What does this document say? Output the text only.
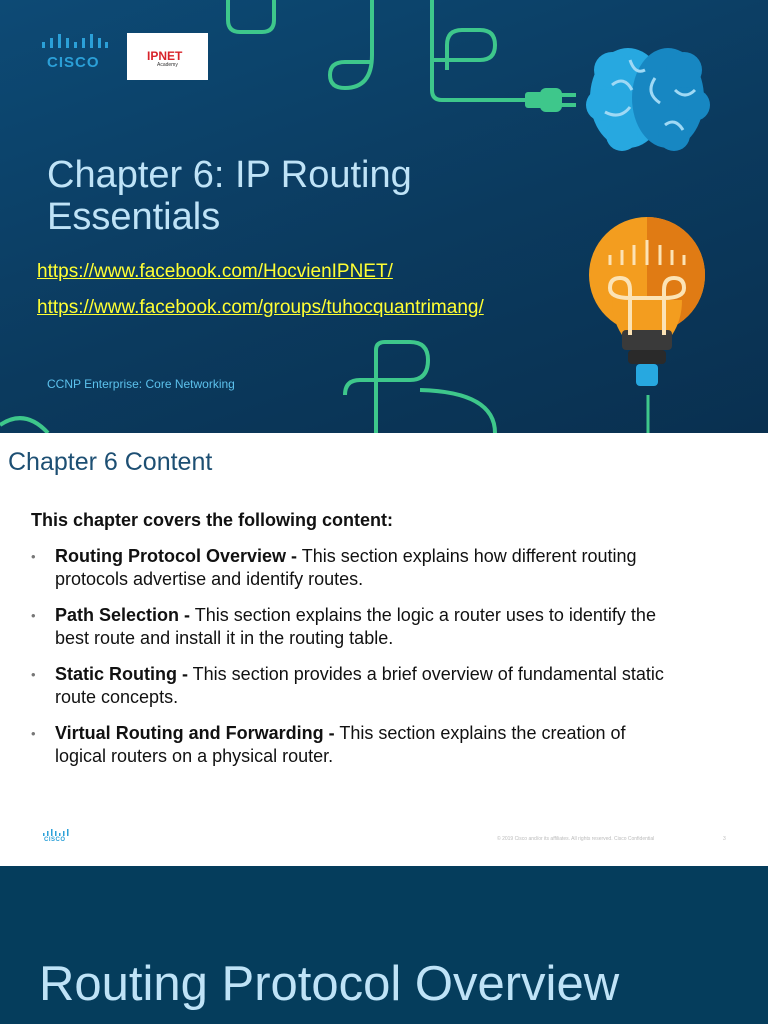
CISCO	IPNET
Academy
Chapter 6: IP Routing
Essentials
https://www.facebook.com/HocvienIPNET/
https://www.facebook.com/groups/tuhocquantrimang/
CCNP Enterprise: Core Networking
Chapter 6 Content
This chapter covers the following content:
• Routing Protocol Overview - This section explains how different routing protocols advertise and identify routes.
• Path Selection - This section explains the logic a router uses to identify the best route and install it in the routing table.
• Static Routing - This section provides a brief overview of fundamental static route concepts.
• Virtual Routing and Forwarding - This section explains the creation of logical routers on a physical router.
CISCO	© 2019 Cisco and/or its affiliates. All rights reserved. Cisco Confidential	3
Routing Protocol Overview
